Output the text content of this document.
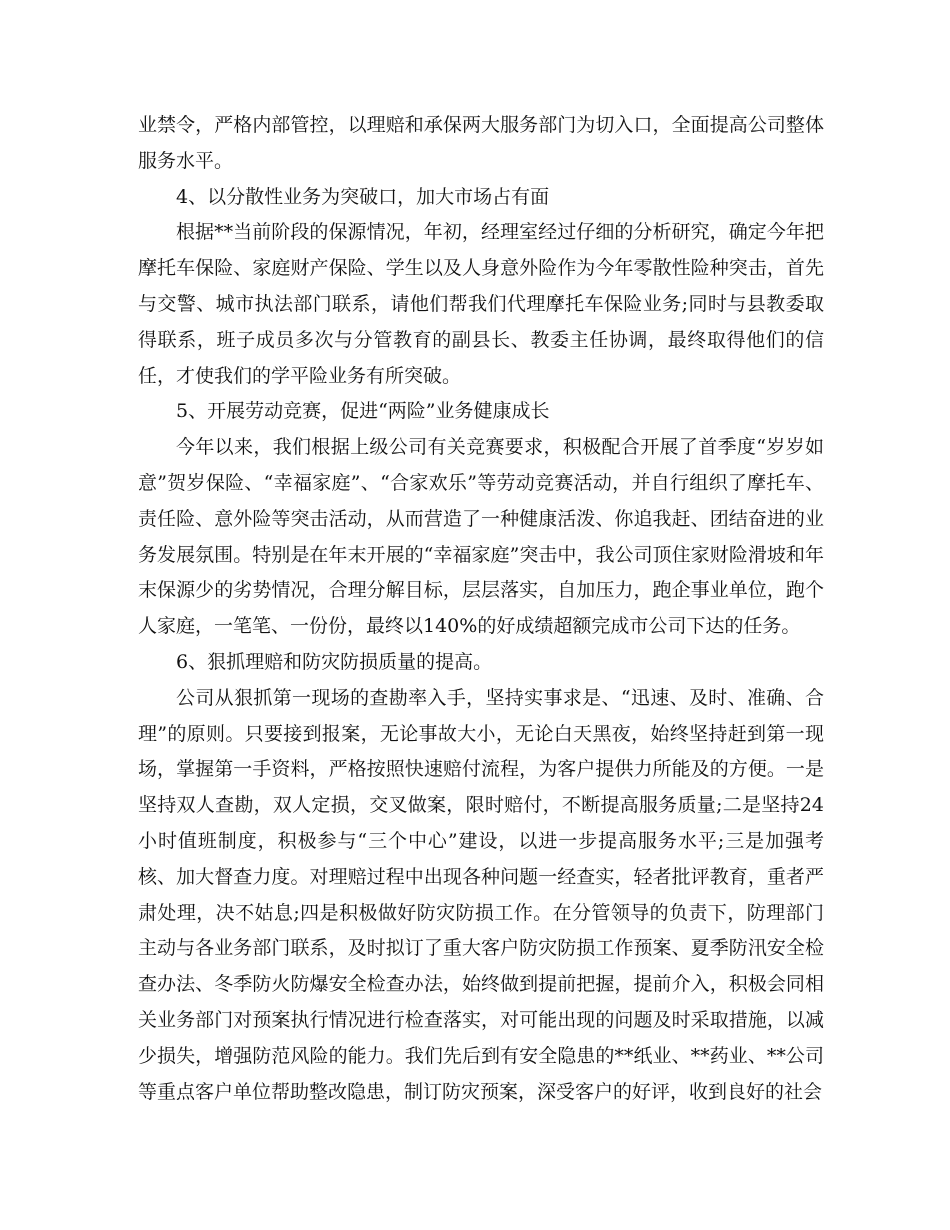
业禁令，严格内部管控，以理赔和承保两大服务部门为切入口，全面提高公司整体服务水平。

4、以分散性业务为突破口，加大市场占有面

根据**当前阶段的保源情况，年初，经理室经过仔细的分析研究，确定今年把摩托车保险、家庭财产保险、学生以及人身意外险作为今年零散性险种突击，首先与交警、城市执法部门联系，请他们帮我们代理摩托车保险业务;同时与县教委取得联系，班子成员多次与分管教育的副县长、教委主任协调，最终取得他们的信任，才使我们的学平险业务有所突破。

5、开展劳动竞赛，促进“两险”业务健康成长

今年以来，我们根据上级公司有关竞赛要求，积极配合开展了首季度“岁岁如意”贺岁保险、“幸福家庭”、“合家欢乐”等劳动竞赛活动，并自行组织了摩托车、责任险、意外险等突击活动，从而营造了一种健康活泼、你追我赶、团结奋进的业务发展氛围。特别是在年末开展的“幸福家庭”突击中，我公司顶住家财险滑坡和年末保源少的劣势情况，合理分解目标，层层落实，自加压力，跑企事业单位，跑个人家庭，一笔笔、一份份，最终以140%的好成绩超额完成市公司下达的任务。

6、狠抓理赔和防灾防损质量的提高。

公司从狠抓第一现场的查勘率入手，坚持实事求是、“迅速、及时、准确、合理”的原则。只要接到报案，无论事故大小，无论白天黑夜，始终坚持赶到第一现场，掌握第一手资料，严格按照快速赔付流程，为客户提供力所能及的方便。一是坚持双人查勘，双人定损，交叉做案，限时赔付，不断提高服务质量;二是坚持24小时值班制度，积极参与“三个中心”建设，以进一步提高服务水平;三是加强考核、加大督查力度。对理赔过程中出现各种问题一经查实，轻者批评教育，重者严肃处理，决不姑息;四是积极做好防灾防损工作。在分管领导的负责下，防理部门主动与各业务部门联系，及时拟订了重大客户防灾防损工作预案、夏季防汛安全检查办法、冬季防火防爆安全检查办法，始终做到提前把握，提前介入，积极会同相关业务部门对预案执行情况进行检查落实，对可能出现的问题及时采取措施，以减少损失，增强防范风险的能力。我们先后到有安全隐患的**纸业、**药业、**公司等重点客户单位帮助整改隐患，制订防灾预案，深受客户的好评，收到良好的社会
